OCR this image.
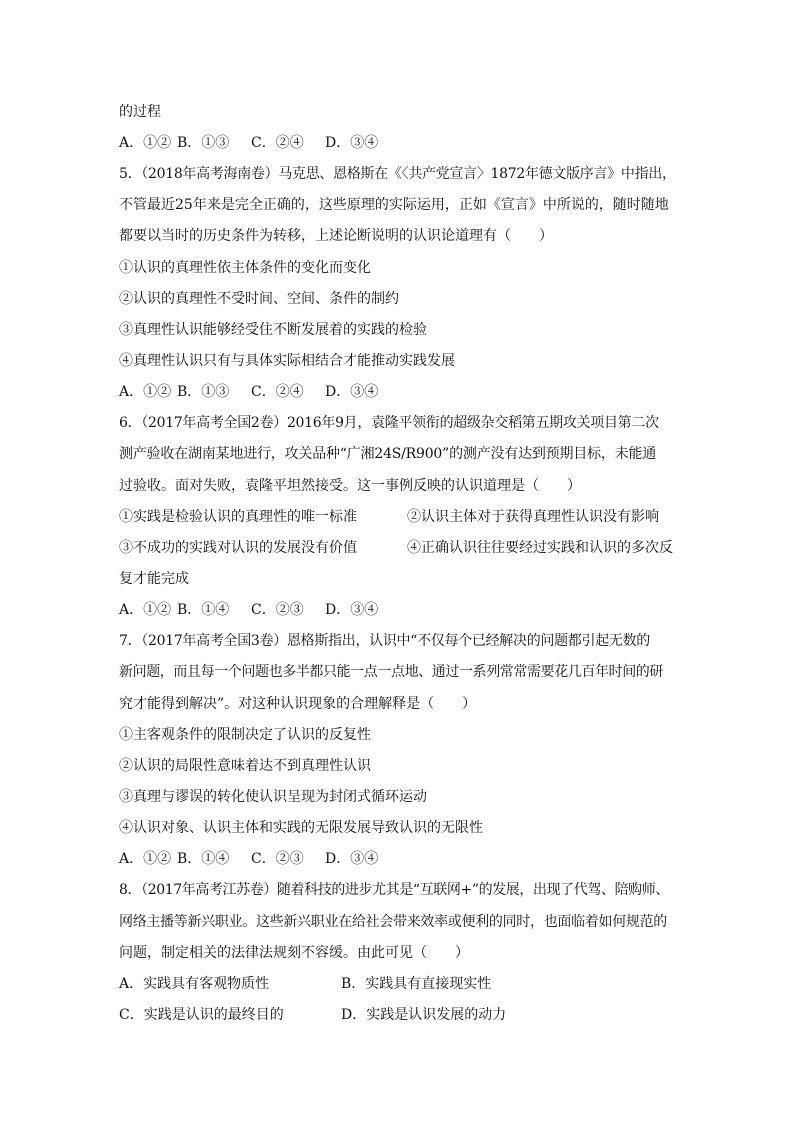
的过程
A．①② B．①③ C．②④ D．③④
5．（2018年高考海南卷）马克思、恩格斯在《〈共产党宣言〉1872年德文版序言》中指出，
不管最近25年来是完全正确的，这些原理的实际运用，正如《宣言》中所说的，随时随地
都要以当时的历史条件为转移，上述论断说明的认识论道理有（　　）
①认识的真理性依主体条件的变化而变化
②认识的真理性不受时间、空间、条件的制约
③真理性认识能够经受住不断发展着的实践的检验
④真理性认识只有与具体实际相结合才能推动实践发展
A．①② B．①③ C．②④ D．③④
6．（2017年高考全国2卷）2016年9月，袁隆平领衔的超级杂交稻第五期攻关项目第二次
测产验收在湖南某地进行，攻关品种“广湘24S/R900”的测产没有达到预期目标，未能通
过验收。面对失败，袁隆平坦然接受。这一事例反映的认识道理是（　　）
①实践是检验认识的真理性的唯一标准	②认识主体对于获得真理性认识没有影响
③不成功的实践对认识的发展没有价值	④正确认识往往要经过实践和认识的多次反
复才能完成
A．①② B．①④ C．②③ D．③④
7．（2017年高考全国3卷）恩格斯指出，认识中“不仅每个已经解决的问题都引起无数的
新问题，而且每一个问题也多半都只能一点一点地、通过一系列常常需要花几百年时间的研
究才能得到解决”。对这种认识现象的合理解释是（　　）
①主客观条件的限制决定了认识的反复性
②认识的局限性意味着达不到真理性认识
③真理与谬误的转化使认识呈现为封闭式循环运动
④认识对象、认识主体和实践的无限发展导致认识的无限性
A．①② B．①④ C．②③ D．③④
8．（2017年高考江苏卷）随着科技的进步尤其是“互联网+”的发展，出现了代驾、陪购师、
网络主播等新兴职业。这些新兴职业在给社会带来效率或便利的同时，也面临着如何规范的
问题，制定相关的法律法规刻不容缓。由此可见（　　）
A．实践具有客观物质性	B．实践具有直接现实性
C．实践是认识的最终目的	D．实践是认识发展的动力
